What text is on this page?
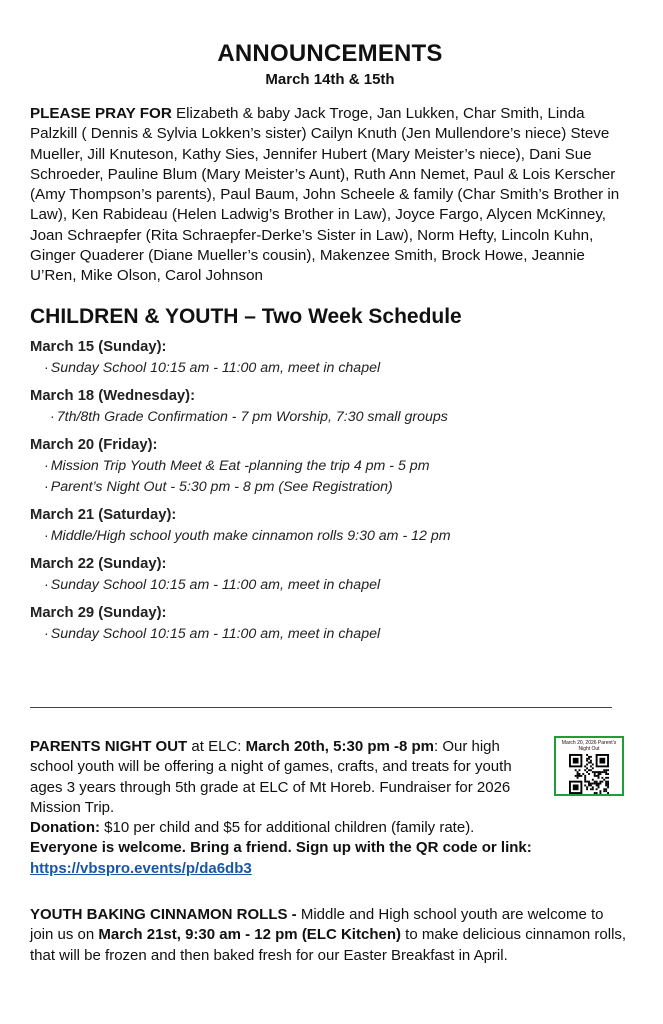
ANNOUNCEMENTS
March 14th & 15th
PLEASE PRAY FOR Elizabeth & baby Jack Troge, Jan Lukken, Char Smith, Linda Palzkill ( Dennis & Sylvia Lokken’s sister) Cailyn Knuth (Jen Mullendore’s niece) Steve Mueller, Jill Knuteson, Kathy Sies, Jennifer Hubert (Mary Meister’s niece), Dani Sue Schroeder, Pauline Blum (Mary Meister’s Aunt), Ruth Ann Nemet, Paul & Lois Kerscher (Amy Thompson’s parents), Paul Baum, John Scheele & family (Char Smith’s Brother in Law), Ken Rabideau (Helen Ladwig’s Brother in Law), Joyce Fargo, Alycen McKinney, Joan Schraepfer (Rita Schraepfer-Derke’s Sister in Law), Norm Hefty, Lincoln Kuhn, Ginger Quaderer (Diane Mueller’s cousin), Makenzee Smith, Brock Howe, Jeannie U’Ren, Mike Olson, Carol Johnson
CHILDREN & YOUTH – Two Week Schedule
March 15 (Sunday):
· Sunday School 10:15 am - 11:00 am, meet in chapel
March 18 (Wednesday):
· 7th/8th Grade Confirmation - 7 pm Worship, 7:30 small groups
March 20 (Friday):
· Mission Trip Youth Meet & Eat -planning the trip 4 pm - 5 pm
· Parent’s Night Out - 5:30 pm - 8 pm (See Registration)
March 21 (Saturday):
· Middle/High school youth make cinnamon rolls 9:30 am - 12 pm
March 22 (Sunday):
· Sunday School 10:15 am - 11:00 am, meet in chapel
March 29 (Sunday):
· Sunday School 10:15 am - 11:00 am, meet in chapel
PARENTS NIGHT OUT at ELC: March 20th, 5:30 pm -8 pm: Our high school youth will be offering a night of games, crafts, and treats for youth ages 3 years through 5th grade at ELC of Mt Horeb. Fundraiser for 2026 Mission Trip.
Donation: $10 per child and $5 for additional children (family rate).
Everyone is welcome. Bring a friend. Sign up with the QR code or link:
https://vbspro.events/p/da6db3
March 20, 2026 Parent’s Night Out
YOUTH BAKING CINNAMON ROLLS - Middle and High school youth are welcome to join us on March 21st, 9:30 am - 12 pm (ELC Kitchen) to make delicious cinnamon rolls, that will be frozen and then baked fresh for our Easter Breakfast in April.
